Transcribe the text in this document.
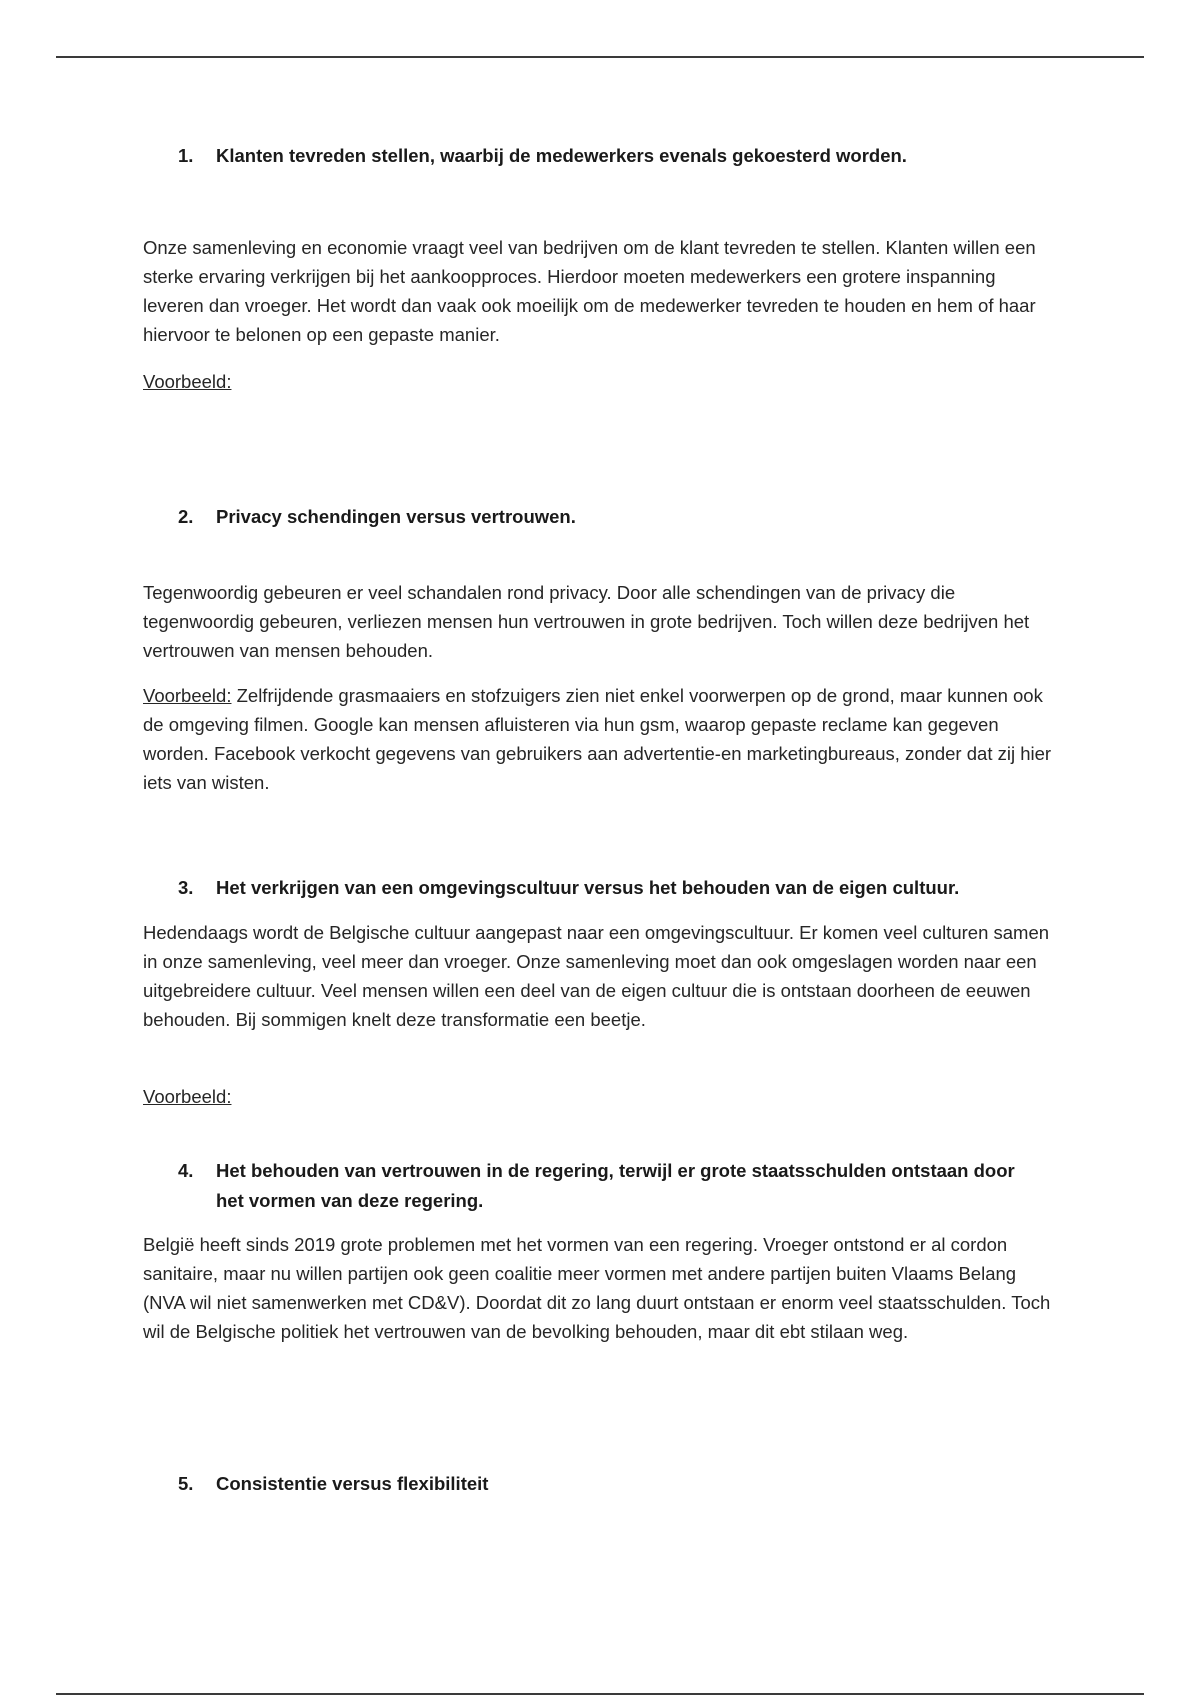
1.	Klanten tevreden stellen, waarbij de medewerkers evenals gekoesterd worden.

Onze samenleving en economie vraagt veel van bedrijven om de klant tevreden te stellen. Klanten willen een sterke ervaring verkrijgen bij het aankoopproces. Hierdoor moeten medewerkers een grotere inspanning leveren dan vroeger. Het wordt dan vaak ook moeilijk om de medewerker tevreden te houden en hem of haar hiervoor te belonen op een gepaste manier.

Voorbeeld:

2.	Privacy schendingen versus vertrouwen.

Tegenwoordig gebeuren er veel schandalen rond privacy. Door alle schendingen van de privacy die tegenwoordig gebeuren, verliezen mensen hun vertrouwen in grote bedrijven. Toch willen deze bedrijven het vertrouwen van mensen behouden.

Voorbeeld: Zelfrijdende grasmaaiers en stofzuigers zien niet enkel voorwerpen op de grond, maar kunnen ook de omgeving filmen. Google kan mensen afluisteren via hun gsm, waarop gepaste reclame kan gegeven worden. Facebook verkocht gegevens van gebruikers aan advertentie-en marketingbureaus, zonder dat zij hier iets van wisten.

3.	Het verkrijgen van een omgevingscultuur versus het behouden van de eigen cultuur.

Hedendaags wordt de Belgische cultuur aangepast naar een omgevingscultuur. Er komen veel culturen samen in onze samenleving, veel meer dan vroeger. Onze samenleving moet dan ook omgeslagen worden naar een uitgebreidere cultuur. Veel mensen willen een deel van de eigen cultuur die is ontstaan doorheen de eeuwen behouden. Bij sommigen knelt deze transformatie een beetje.

Voorbeeld:

4.	Het behouden van vertrouwen in de regering, terwijl er grote staatsschulden ontstaan door het vormen van deze regering.

België heeft sinds 2019 grote problemen met het vormen van een regering. Vroeger ontstond er al cordon sanitaire, maar nu willen partijen ook geen coalitie meer vormen met andere partijen buiten Vlaams Belang (NVA wil niet samenwerken met CD&V). Doordat dit zo lang duurt ontstaan er enorm veel staatsschulden. Toch wil de Belgische politiek het vertrouwen van de bevolking behouden, maar dit ebt stilaan weg.

5.	Consistentie versus flexibiliteit
